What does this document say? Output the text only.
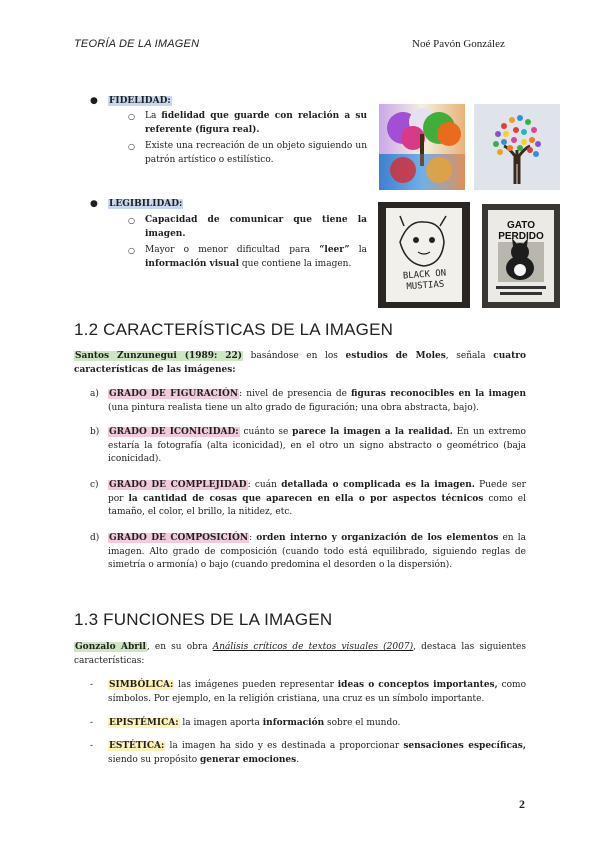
TEORÍA DE LA IMAGEN	Noé Pavón González
● FIDELIDAD:
○ La fidelidad que guarde con relación a su referente (figura real).
○ Existe una recreación de un objeto siguiendo un patrón artístico o estilístico.
● LEGIBILIDAD:
○ Capacidad de comunicar que tiene la imagen.
○ Mayor o menor dificultad para “leer” la información visual que contiene la imagen.
BLACK ON MUSTIAS
GATO PERDIDO
1.2 CARACTERÍSTICAS DE LA IMAGEN
Santos Zunzunegui (1989: 22) basándose en los estudios de Moles, señala cuatro características de las imágenes:
a) GRADO DE FIGURACIÓN: nivel de presencia de figuras reconocibles en la imagen (una pintura realista tiene un alto grado de figuración; una obra abstracta, bajo).
b) GRADO DE ICONICIDAD: cuánto se parece la imagen a la realidad. En un extremo estaría la fotografía (alta iconicidad), en el otro un signo abstracto o geométrico (baja iconicidad).
c) GRADO DE COMPLEJIDAD: cuán detallada o complicada es la imagen. Puede ser por la cantidad de cosas que aparecen en ella o por aspectos técnicos como el tamaño, el color, el brillo, la nitidez, etc.
d) GRADO DE COMPOSICIÓN: orden interno y organización de los elementos en la imagen. Alto grado de composición (cuando todo está equilibrado, siguiendo reglas de simetría o armonía) o bajo (cuando predomina el desorden o la dispersión).
1.3 FUNCIONES DE LA IMAGEN
Gonzalo Abril, en su obra Análisis críticos de textos visuales (2007), destaca las siguientes características:
- SIMBÓLICA: las imágenes pueden representar ideas o conceptos importantes, como símbolos. Por ejemplo, en la religión cristiana, una cruz es un símbolo importante.
- EPISTÉMICA: la imagen aporta información sobre el mundo.
- ESTÉTICA: la imagen ha sido y es destinada a proporcionar sensaciones específicas, siendo su propósito generar emociones.
2
